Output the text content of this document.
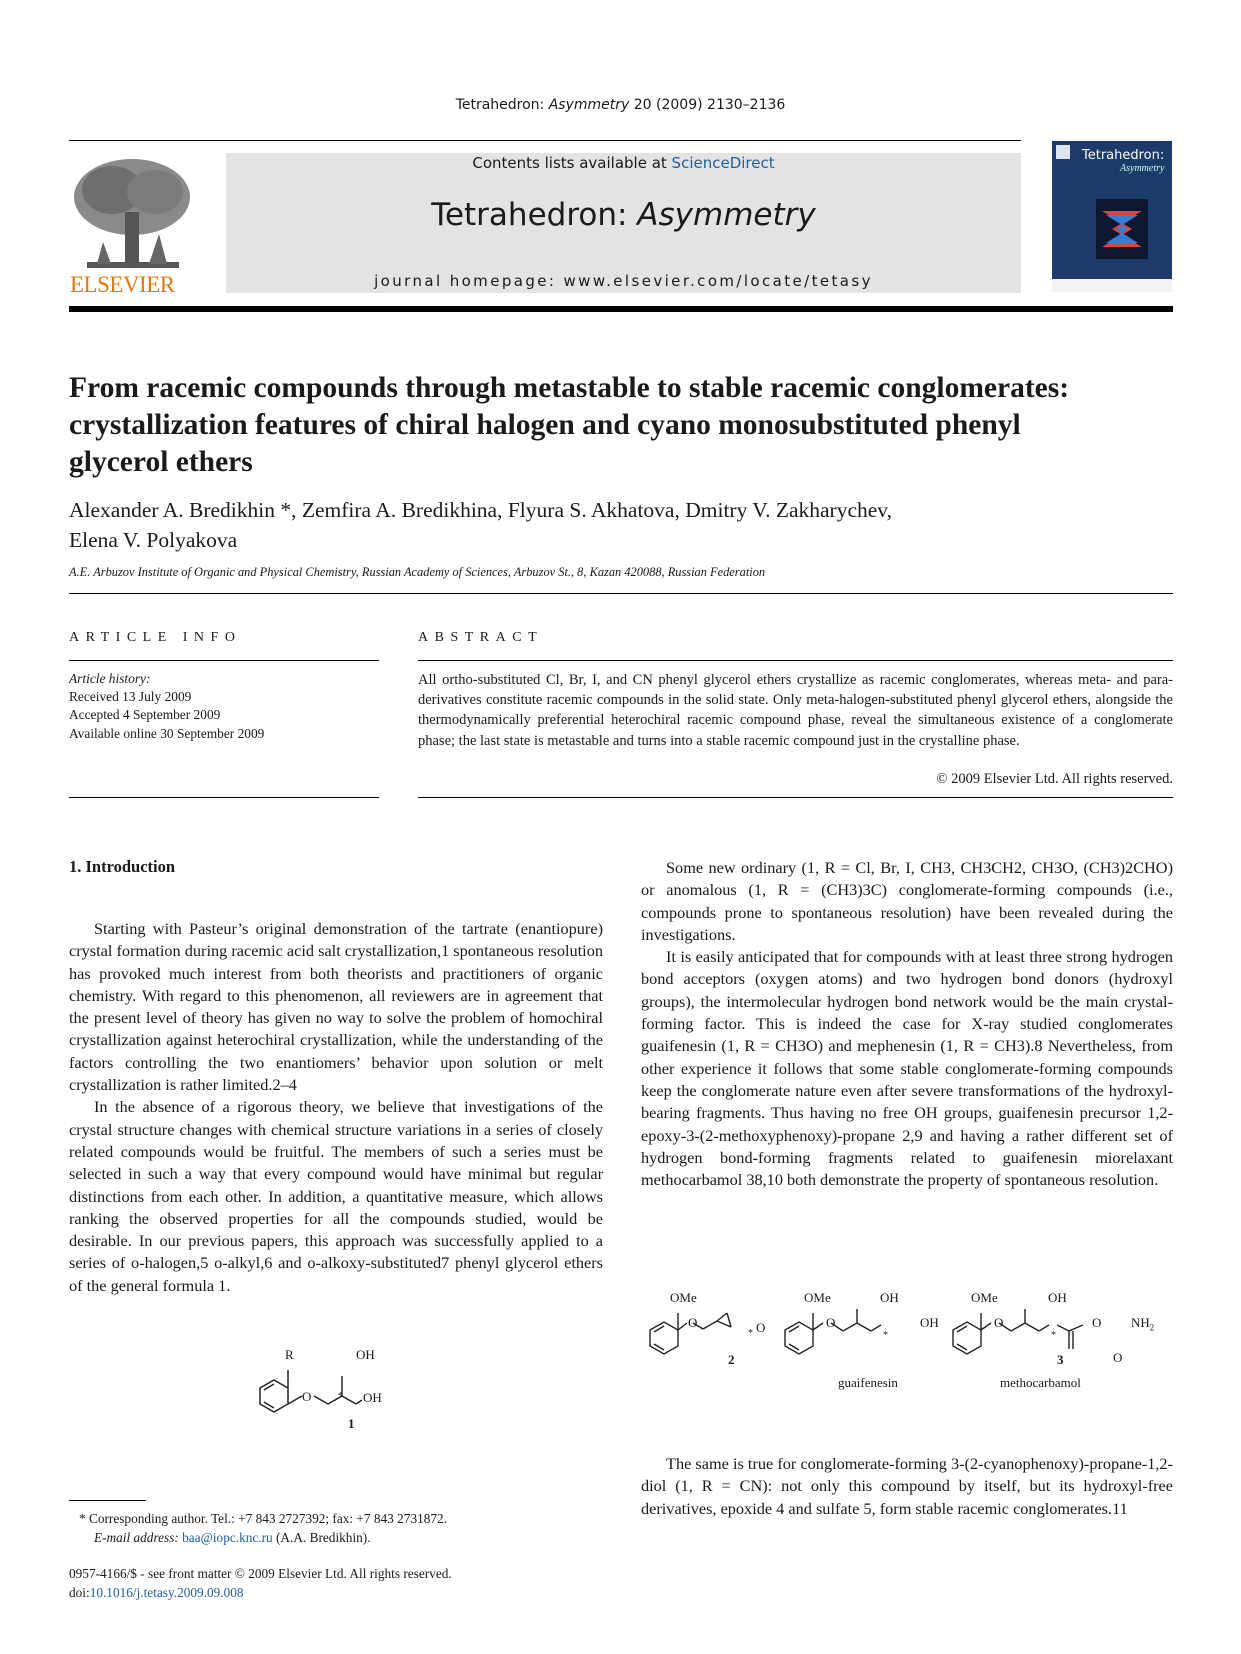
Tetrahedron: Asymmetry 20 (2009) 2130–2136
ELSEVIER
Contents lists available at ScienceDirect
Tetrahedron: Asymmetry
journal homepage: www.elsevier.com/locate/tetasy
Tetrahedron:
Asymmetry
From racemic compounds through metastable to stable racemic conglomerates: crystallization features of chiral halogen and cyano monosubstituted phenyl glycerol ethers
Alexander A. Bredikhin *, Zemfira A. Bredikhina, Flyura S. Akhatova, Dmitry V. Zakharychev,
Elena V. Polyakova
A.E. Arbuzov Institute of Organic and Physical Chemistry, Russian Academy of Sciences, Arbuzov St., 8, Kazan 420088, Russian Federation
ARTICLE INFO
Article history:
Received 13 July 2009
Accepted 4 September 2009
Available online 30 September 2009
ABSTRACT
All ortho-substituted Cl, Br, I, and CN phenyl glycerol ethers crystallize as racemic conglomerates, whereas meta- and para-derivatives constitute racemic compounds in the solid state. Only meta-halogen-substituted phenyl glycerol ethers, alongside the thermodynamically preferential heterochiral racemic compound phase, reveal the simultaneous existence of a conglomerate phase; the last state is metastable and turns into a stable racemic compound just in the crystalline phase.
© 2009 Elsevier Ltd. All rights reserved.
1. Introduction

Starting with Pasteur’s original demonstration of the tartrate (enantiopure) crystal formation during racemic acid salt crystallization,1 spontaneous resolution has provoked much interest from both theorists and practitioners of organic chemistry. With regard to this phenomenon, all reviewers are in agreement that the present level of theory has given no way to solve the problem of homochiral crystallization against heterochiral crystallization, while the understanding of the factors controlling the two enantiomers’ behavior upon solution or melt crystallization is rather limited.2–4

In the absence of a rigorous theory, we believe that investigations of the crystal structure changes with chemical structure variations in a series of closely related compounds would be fruitful. The members of such a series must be selected in such a way that every compound would have minimal but regular distinctions from each other. In addition, a quantitative measure, which allows ranking the observed properties for all the compounds studied, would be desirable. In our previous papers, this approach was successfully applied to a series of o-halogen,5 o-alkyl,6 and o-alkoxy-substituted7 phenyl glycerol ethers of the general formula 1.

R	OH
O	* OH
1

Some new ordinary (1, R = Cl, Br, I, CH3, CH3CH2, CH3O, (CH3)2CHO) or anomalous (1, R = (CH3)3C) conglomerate-forming compounds (i.e., compounds prone to spontaneous resolution) have been revealed during the investigations.

It is easily anticipated that for compounds with at least three strong hydrogen bond acceptors (oxygen atoms) and two hydrogen bond donors (hydroxyl groups), the intermolecular hydrogen bond network would be the main crystal-forming factor. This is indeed the case for X-ray studied conglomerates guaifenesin (1, R = CH3O) and mephenesin (1, R = CH3).8 Nevertheless, from other experience it follows that some stable conglomerate-forming compounds keep the conglomerate nature even after severe transformations of the hydroxyl-bearing fragments. Thus having no free OH groups, guaifenesin precursor 1,2-epoxy-3-(2-methoxyphenoxy)-propane 2,9 and having a rather different set of hydrogen bond-forming fragments related to guaifenesin miorelaxant methocarbamol 38,10 both demonstrate the property of spontaneous resolution.

OMe
O	O
*
2
OMe
O
OH
*
OH
guaifenesin
OMe
O
OH
*
O $NH_2$
O
3
methocarbamol

The same is true for conglomerate-forming 3-(2-cyanophenoxy)-propane-1,2-diol (1, R = CN): not only this compound by itself, but its hydroxyl-free derivatives, epoxide 4 and sulfate 5, form stable racemic conglomerates.11

* Corresponding author. Tel.: +7 843 2727392; fax: +7 843 2731872.
E-mail address: baa@iopc.knc.ru (A.A. Bredikhin).
0957-4166/$ - see front matter © 2009 Elsevier Ltd. All rights reserved.
doi:10.1016/j.tetasy.2009.09.008
